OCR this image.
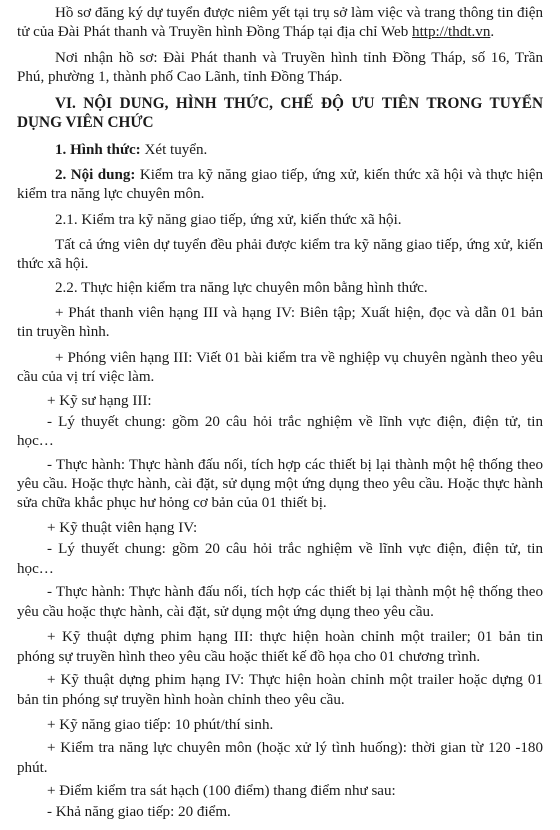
Hồ sơ đăng ký dự tuyển được niêm yết tại trụ sở làm việc và trang thông tin điện tử của Đài Phát thanh và Truyền hình Đồng Tháp tại địa chỉ Web http://thdt.vn.
Nơi nhận hồ sơ: Đài Phát thanh và Truyền hình tỉnh Đồng Tháp, số 16, Trần Phú, phường 1, thành phố Cao Lãnh, tỉnh Đồng Tháp.
VI. NỘI DUNG, HÌNH THỨC, CHẾ ĐỘ ƯU TIÊN TRONG TUYỂN DỤNG VIÊN CHỨC
1. Hình thức: Xét tuyển.
2. Nội dung: Kiểm tra kỹ năng giao tiếp, ứng xử, kiến thức xã hội và thực hiện kiểm tra năng lực chuyên môn.
2.1. Kiểm tra kỹ năng giao tiếp, ứng xử, kiến thức xã hội.
Tất cả ứng viên dự tuyển đều phải được kiểm tra kỹ năng giao tiếp, ứng xử, kiến thức xã hội.
2.2. Thực hiện kiểm tra năng lực chuyên môn bằng hình thức.
+ Phát thanh viên hạng III và hạng IV: Biên tập; Xuất hiện, đọc và dẫn 01 bản tin truyền hình.
+ Phóng viên hạng III: Viết 01 bài kiểm tra về nghiệp vụ chuyên ngành theo yêu cầu của vị trí việc làm.
+ Kỹ sư hạng III:
- Lý thuyết chung: gồm 20 câu hỏi trắc nghiệm về lĩnh vực điện, điện tử, tin học…
- Thực hành: Thực hành đấu nối, tích hợp các thiết bị lại thành một hệ thống theo yêu cầu. Hoặc thực hành, cài đặt, sử dụng một ứng dụng theo yêu cầu. Hoặc thực hành sửa chữa khắc phục hư hỏng cơ bản của 01 thiết bị.
+ Kỹ thuật viên hạng IV:
- Lý thuyết chung: gồm 20 câu hỏi trắc nghiệm về lĩnh vực điện, điện tử, tin học…
- Thực hành: Thực hành đấu nối, tích hợp các thiết bị lại thành một hệ thống theo yêu cầu hoặc thực hành, cài đặt, sử dụng một ứng dụng theo yêu cầu.
+ Kỹ thuật dựng phim hạng III: thực hiện hoàn chỉnh một trailer; 01 bản tin phóng sự truyền hình theo yêu cầu hoặc thiết kế đồ họa cho 01 chương trình.
+ Kỹ thuật dựng phim hạng IV: Thực hiện hoàn chỉnh một trailer hoặc dựng 01 bản tin phóng sự truyền hình hoàn chỉnh theo yêu cầu.
+ Kỹ năng giao tiếp: 10 phút/thí sinh.
+ Kiểm tra năng lực chuyên môn (hoặc xử lý tình huống): thời gian từ 120 -180 phút.
+ Điểm kiểm tra sát hạch (100 điểm) thang điểm như sau:
- Khả năng giao tiếp: 20 điểm.
